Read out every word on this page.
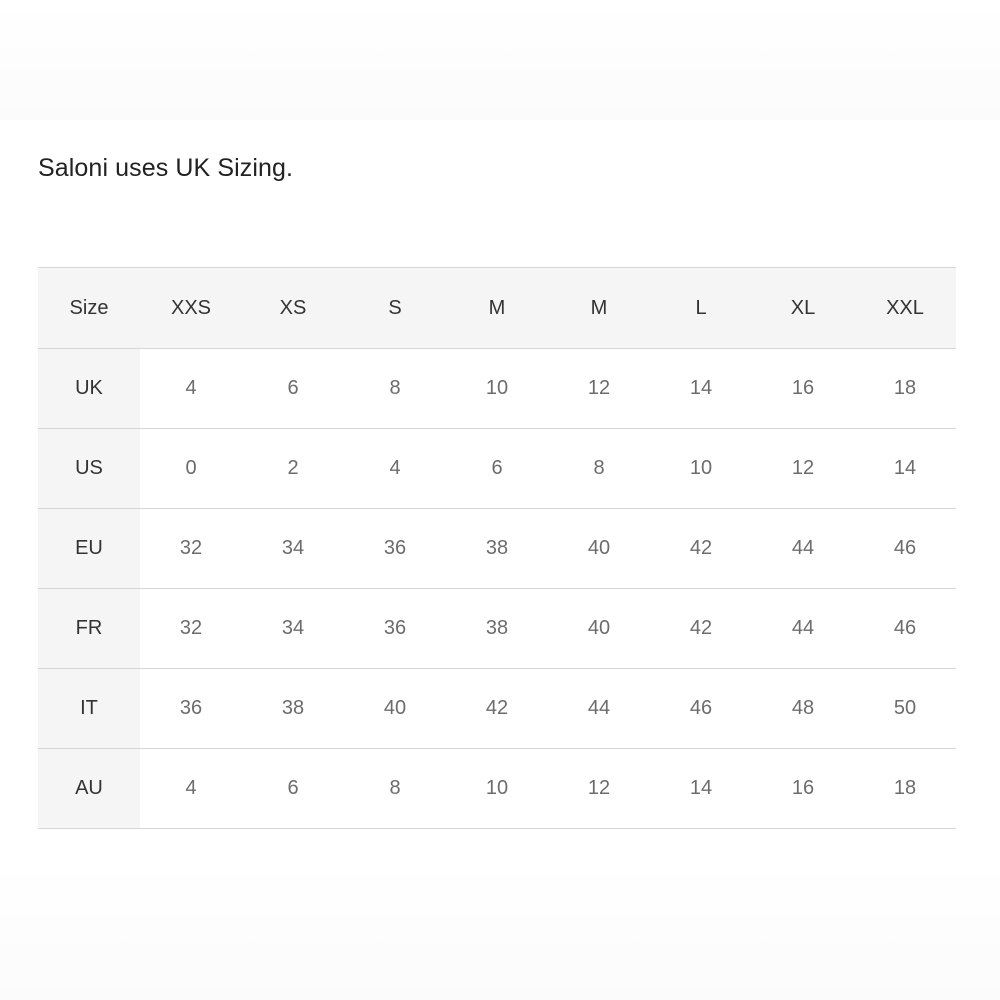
Saloni uses UK Sizing.

Size	XXS	XS	S	M	M	L	XL	XXL
UK	4	6	8	10	12	14	16	18
US	0	2	4	6	8	10	12	14
EU	32	34	36	38	40	42	44	46
FR	32	34	36	38	40	42	44	46
IT	36	38	40	42	44	46	48	50
AU	4	6	8	10	12	14	16	18
